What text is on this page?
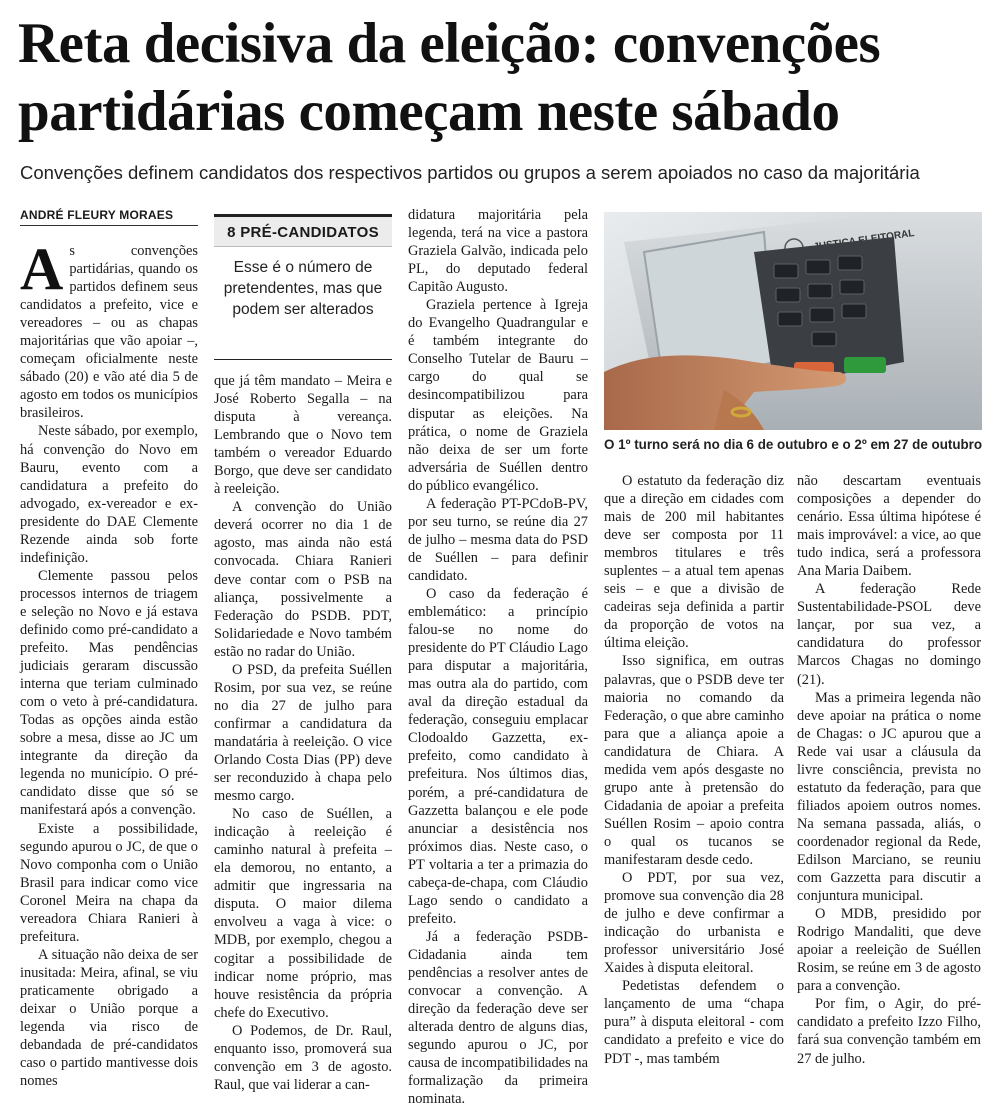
Reta decisiva da eleição: convenções
partidárias começam neste sábado
Convenções definem candidatos dos respectivos partidos ou grupos a serem apoiados no caso da majoritária
ANDRÉ FLEURY MORAES

As convenções partidárias, quando os partidos definem seus candidatos a prefeito, vice e vereadores – ou as chapas majoritárias que vão apoiar –, começam oficialmente neste sábado (20) e vão até dia 5 de agosto em todos os municípios brasileiros.

Neste sábado, por exemplo, há convenção do Novo em Bauru, evento com a candidatura a prefeito do advogado, ex-vereador e ex-presidente do DAE Clemente Rezende ainda sob forte indefinição.

Clemente passou pelos processos internos de triagem e seleção no Novo e já estava definido como pré-candidato a prefeito. Mas pendências judiciais geraram discussão interna que teriam culminado com o veto à pré-candidatura. Todas as opções ainda estão sobre a mesa, disse ao JC um integrante da direção da legenda no município. O pré-candidato disse que só se manifestará após a convenção.

Existe a possibilidade, segundo apurou o JC, de que o Novo componha com o União Brasil para indicar como vice Coronel Meira na chapa da vereadora Chiara Ranieri à prefeitura.

A situação não deixa de ser inusitada: Meira, afinal, se viu praticamente obrigado a deixar o União porque a legenda via risco de debandada de pré-candidatos caso o partido mantivesse dois nomes

8 PRÉ-CANDIDATOS
Esse é o número de pretendentes, mas que podem ser alterados

que já têm mandato – Meira e José Roberto Segalla – na disputa à vereança. Lembrando que o Novo tem também o vereador Eduardo Borgo, que deve ser candidato à reeleição.

A convenção do União deverá ocorrer no dia 1 de agosto, mas ainda não está convocada. Chiara Ranieri deve contar com o PSB na aliança, possivelmente a Federação do PSDB. PDT, Solidariedade e Novo também estão no radar do União.

O PSD, da prefeita Suéllen Rosim, por sua vez, se reúne no dia 27 de julho para confirmar a candidatura da mandatária à reeleição. O vice Orlando Costa Dias (PP) deve ser reconduzido à chapa pelo mesmo cargo.

No caso de Suéllen, a indicação à reeleição é caminho natural à prefeita – ela demorou, no entanto, a admitir que ingressaria na disputa. O maior dilema envolveu a vaga à vice: o MDB, por exemplo, chegou a cogitar a possibilidade de indicar nome próprio, mas houve resistência da própria chefe do Executivo.

O Podemos, de Dr. Raul, enquanto isso, promoverá sua convenção em 3 de agosto. Raul, que vai liderar a can-

didatura majoritária pela legenda, terá na vice a pastora Graziela Galvão, indicada pelo PL, do deputado federal Capitão Augusto.

Graziela pertence à Igreja do Evangelho Quadrangular e é também integrante do Conselho Tutelar de Bauru – cargo do qual se desincompatibilizou para disputar as eleições. Na prática, o nome de Graziela não deixa de ser um forte adversária de Suéllen dentro do público evangélico.

A federação PT-PCdoB-PV, por seu turno, se reúne dia 27 de julho – mesma data do PSD de Suéllen – para definir candidato.

O caso da federação é emblemático: a princípio falou-se no nome do presidente do PT Cláudio Lago para disputar a majoritária, mas outra ala do partido, com aval da direção estadual da federação, conseguiu emplacar Clodoaldo Gazzetta, ex-prefeito, como candidato à prefeitura. Nos últimos dias, porém, a pré-candidatura de Gazzetta balançou e ele pode anunciar a desistência nos próximos dias. Neste caso, o PT voltaria a ter a primazia do cabeça-de-chapa, com Cláudio Lago sendo o candidato a prefeito.

Já a federação PSDB-Cidadania ainda tem pendências a resolver antes de convocar a convenção. A direção da federação deve ser alterada dentro de alguns dias, segundo apurou o JC, por causa de incompatibilidades na formalização da primeira nominata.

ELEITORAL
O 1º turno será no dia 6 de outubro e o 2º em 27 de outubro

O estatuto da federação diz que a direção em cidades com mais de 200 mil habitantes deve ser composta por 11 membros titulares e três suplentes – a atual tem apenas seis – e que a divisão de cadeiras seja definida a partir da proporção de votos na última eleição.

Isso significa, em outras palavras, que o PSDB deve ter maioria no comando da Federação, o que abre caminho para que a aliança apoie a candidatura de Chiara. A medida vem após desgaste no grupo ante à pretensão do Cidadania de apoiar a prefeita Suéllen Rosim – apoio contra o qual os tucanos se manifestaram desde cedo.

O PDT, por sua vez, promove sua convenção dia 28 de julho e deve confirmar a indicação do urbanista e professor universitário José Xaides à disputa eleitoral.

Pedetistas defendem o lançamento de uma “chapa pura” à disputa eleitoral - com candidato a prefeito e vice do PDT -, mas também

não descartam eventuais composições a depender do cenário. Essa última hipótese é mais improvável: a vice, ao que tudo indica, será a professora Ana Maria Daibem.

A federação Rede Sustentabilidade-PSOL deve lançar, por sua vez, a candidatura do professor Marcos Chagas no domingo (21).

Mas a primeira legenda não deve apoiar na prática o nome de Chagas: o JC apurou que a Rede vai usar a cláusula da livre consciência, prevista no estatuto da federação, para que filiados apoiem outros nomes. Na semana passada, aliás, o coordenador regional da Rede, Edilson Marciano, se reuniu com Gazzetta para discutir a conjuntura municipal.

O MDB, presidido por Rodrigo Mandaliti, que deve apoiar a reeleição de Suéllen Rosim, se reúne em 3 de agosto para a convenção.

Por fim, o Agir, do pré-candidato a prefeito Izzo Filho, fará sua convenção também em 27 de julho.
